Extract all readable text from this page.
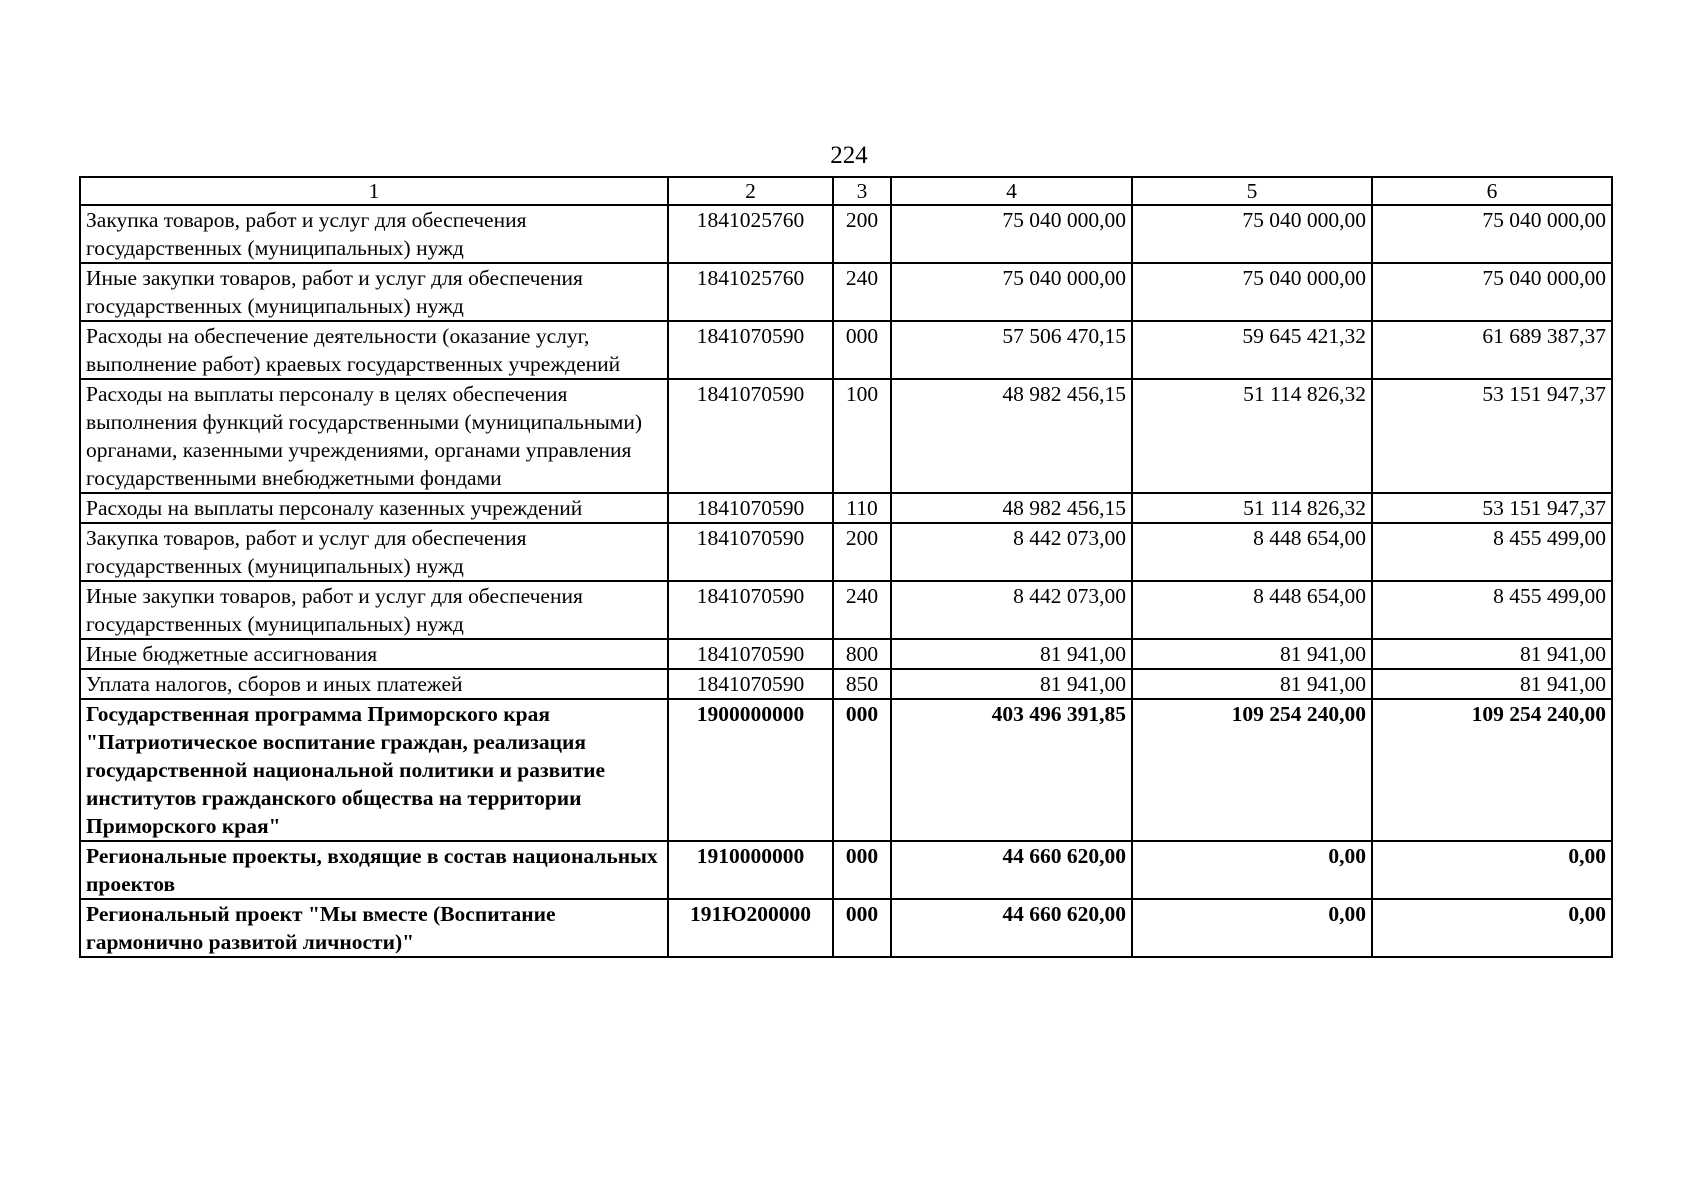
224
1	2	3	4	5	6
Закупка товаров, работ и услуг для обеспечения государственных (муниципальных) нужд	1841025760	200	75 040 000,00	75 040 000,00	75 040 000,00
Иные закупки товаров, работ и услуг для обеспечения государственных (муниципальных) нужд	1841025760	240	75 040 000,00	75 040 000,00	75 040 000,00
Расходы на обеспечение деятельности (оказание услуг, выполнение работ) краевых государственных учреждений	1841070590	000	57 506 470,15	59 645 421,32	61 689 387,37
Расходы на выплаты персоналу в целях обеспечения выполнения функций государственными (муниципальными) органами, казенными учреждениями, органами управления государственными внебюджетными фондами	1841070590	100	48 982 456,15	51 114 826,32	53 151 947,37
Расходы на выплаты персоналу казенных учреждений	1841070590	110	48 982 456,15	51 114 826,32	53 151 947,37
Закупка товаров, работ и услуг для обеспечения государственных (муниципальных) нужд	1841070590	200	8 442 073,00	8 448 654,00	8 455 499,00
Иные закупки товаров, работ и услуг для обеспечения государственных (муниципальных) нужд	1841070590	240	8 442 073,00	8 448 654,00	8 455 499,00
Иные бюджетные ассигнования	1841070590	800	81 941,00	81 941,00	81 941,00
Уплата налогов, сборов и иных платежей	1841070590	850	81 941,00	81 941,00	81 941,00
Государственная программа Приморского края "Патриотическое воспитание граждан, реализация государственной национальной политики и развитие институтов гражданского общества на территории Приморского края"	1900000000	000	403 496 391,85	109 254 240,00	109 254 240,00
Региональные проекты, входящие в состав национальных проектов	1910000000	000	44 660 620,00	0,00	0,00
Региональный проект "Мы вместе (Воспитание гармонично развитой личности)"	191Ю200000	000	44 660 620,00	0,00	0,00
